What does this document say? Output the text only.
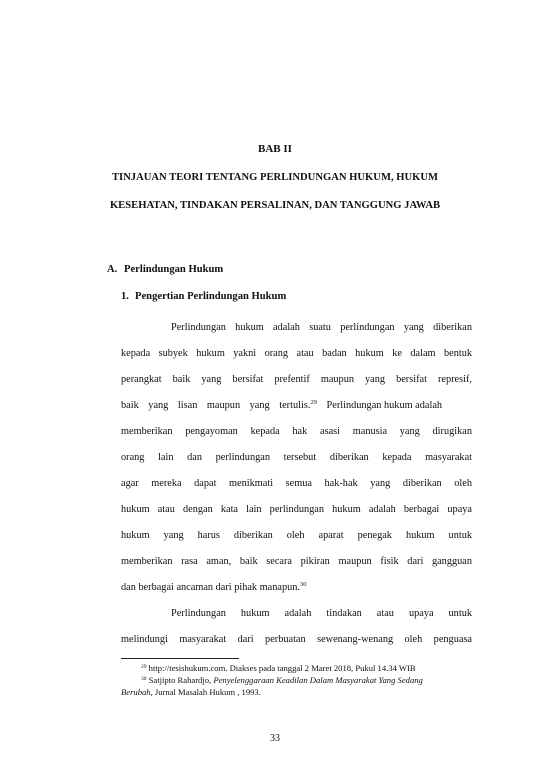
BAB II
TINJAUAN TEORI TENTANG PERLINDUNGAN HUKUM, HUKUM
KESEHATAN, TINDAKAN PERSALINAN, DAN TANGGUNG JAWAB
A. Perlindungan Hukum
1. Pengertian Perlindungan Hukum
Perlindungan hukum adalah suatu perlindungan yang diberikan
kepada subyek hukum yakni orang atau badan hukum ke dalam bentuk
perangkat baik yang bersifat prefentif maupun yang bersifat represif,
baik yang lisan maupun yang tertulis.$^{29}$ Perlindungan hukum adalah
memberikan pengayoman kepada hak asasi manusia yang dirugikan
orang lain dan perlindungan tersebut diberikan kepada masyarakat
agar mereka dapat menikmati semua hak-hak yang diberikan oleh
hukum atau dengan kata lain perlindungan hukum adalah berbagai upaya
hukum yang harus diberikan oleh aparat penegak hukum untuk
memberikan rasa aman, baik secara pikiran maupun fisik dari gangguan
dan berbagai ancaman dari pihak manapun.$^{30}$
Perlindungan hukum adalah tindakan atau upaya untuk
melindungi masyarakat dari perbuatan sewenang-wenang oleh penguasa
$^{29}$ http://tesishukum.com. Diakses pada tanggal 2 Maret 2018, Pukul 14.34 WIB
$^{30}$ Satjipto Rahardjo, Penyelenggaraan Keadilan Dalam Masyarakat Yang Sedang
Berubah, Jurnal Masalah Hukum , 1993.
33
